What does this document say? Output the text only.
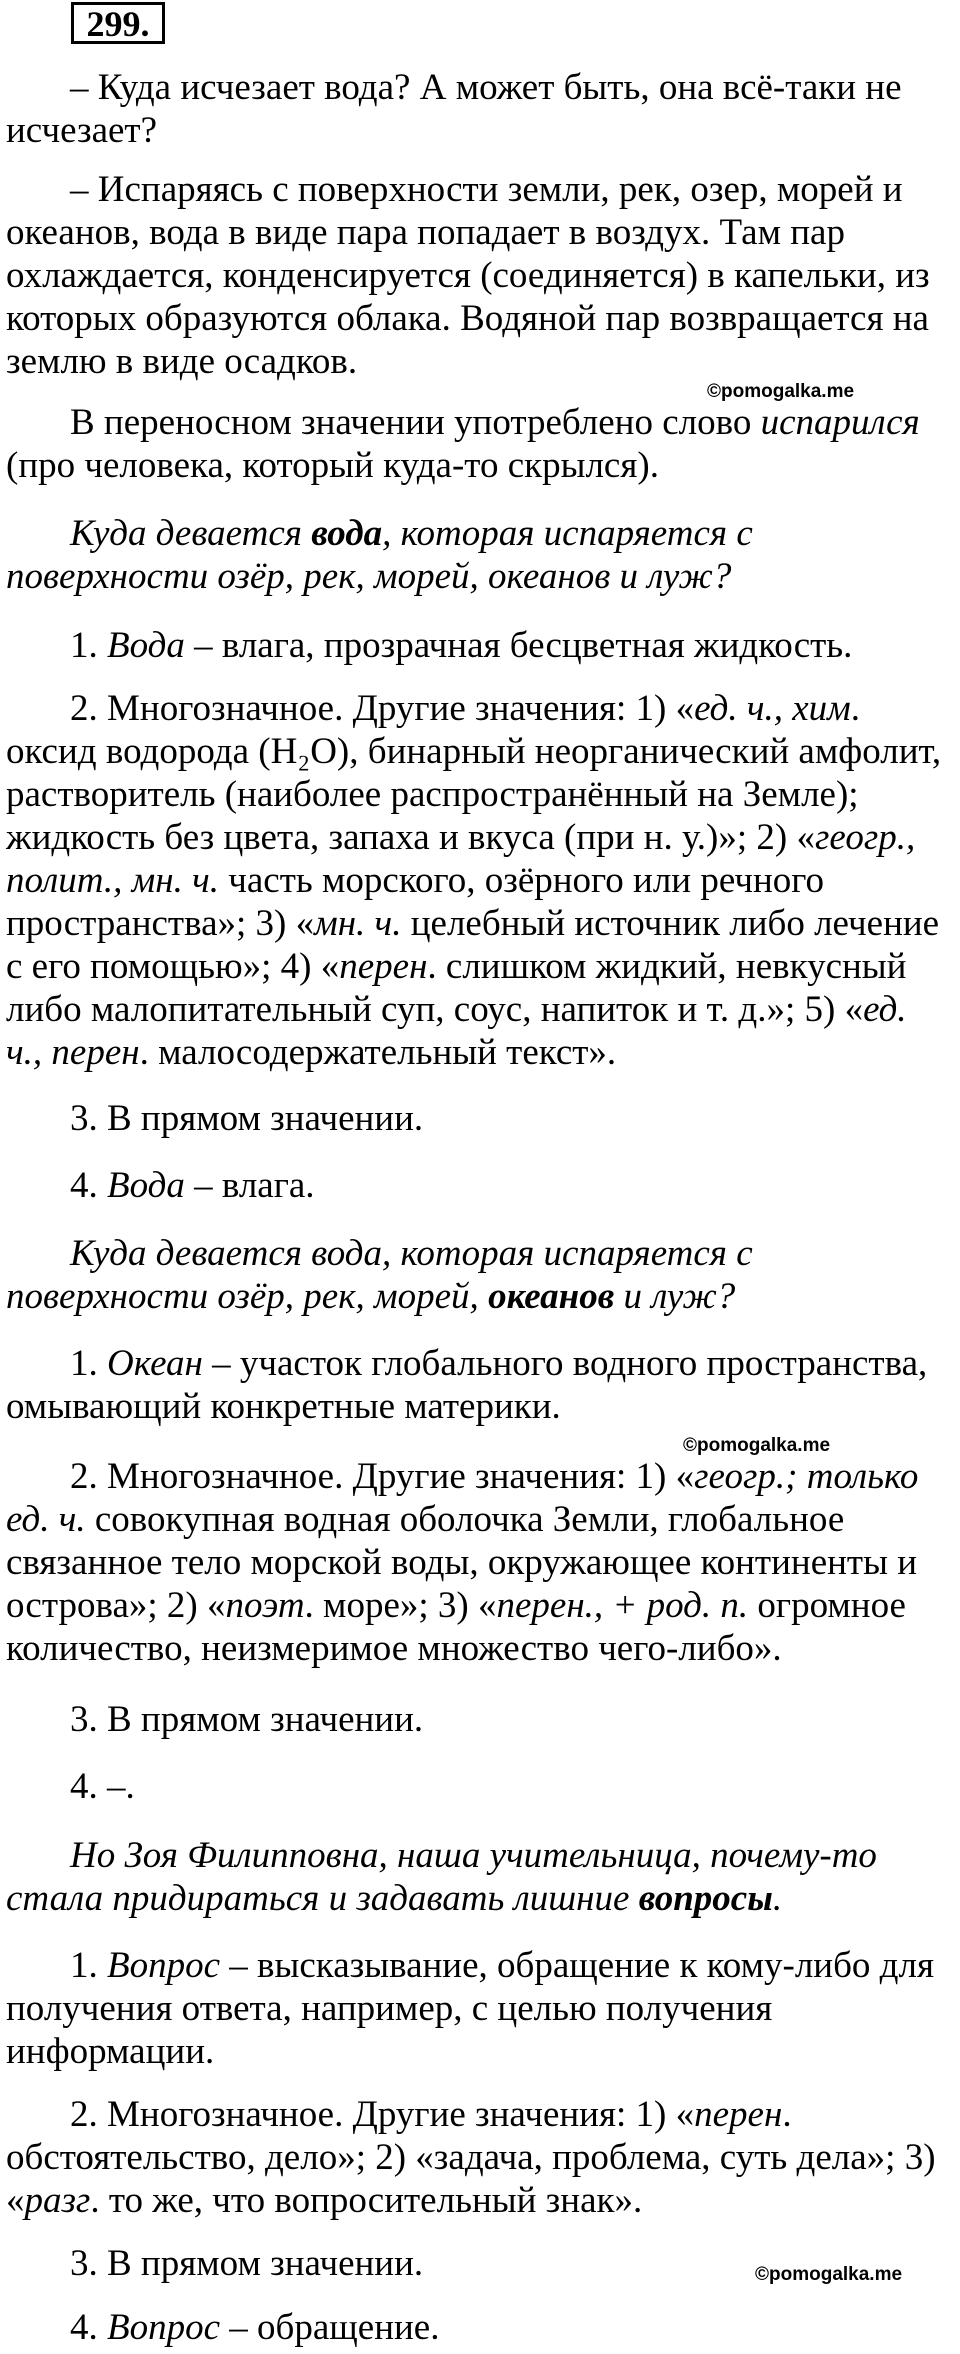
299.

– Куда исчезает вода? А может быть, она всё-таки не исчезает?

– Испаряясь с поверхности земли, рек, озер, морей и океанов, вода в виде пара попадает в воздух. Там пар охлаждается, конденсируется (соединяется) в капельки, из которых образуются облака. Водяной пар возвращается на землю в виде осадков.

©pomogalka.me

В переносном значении употреблено слово испарился (про человека, который куда-то скрылся).

Куда девается вода, которая испаряется с поверхности озёр, рек, морей, океанов и луж?

1. Вода – влага, прозрачная бесцветная жидкость.

2. Многозначное. Другие значения: 1) «ед. ч., хим. оксид водорода (H₂O), бинарный неорганический амфолит, растворитель (наиболее распространённый на Земле); жидкость без цвета, запаха и вкуса (при н. у.)»; 2) «геогр., полит., мн. ч. часть морского, озёрного или речного пространства»; 3) «мн. ч. целебный источник либо лечение с его помощью»; 4) «перен. слишком жидкий, невкусный либо малопитательный суп, соус, напиток и т. д.»; 5) «ед. ч., перен. малосодержательный текст».

3. В прямом значении.

4. Вода – влага.

Куда девается вода, которая испаряется с поверхности озёр, рек, морей, океанов и луж?

1. Океан – участок глобального водного пространства, омывающий конкретные материки.

©pomogalka.me

2. Многозначное. Другие значения: 1) «геогр.; только ед. ч. совокупная водная оболочка Земли, глобальное связанное тело морской воды, окружающее континенты и острова»; 2) «поэт. море»; 3) «перен., + род. п. огромное количество, неизмеримое множество чего-либо».

3. В прямом значении.

4. –.

Но Зоя Филипповна, наша учительница, почему-то стала придираться и задавать лишние вопросы.

1. Вопрос – высказывание, обращение к кому-либо для получения ответа, например, с целью получения информации.

2. Многозначное. Другие значения: 1) «перен. обстоятельство, дело»; 2) «задача, проблема, суть дела»; 3) «разг. то же, что вопросительный знак».

3. В прямом значении.	©pomogalka.me

4. Вопрос – обращение.
